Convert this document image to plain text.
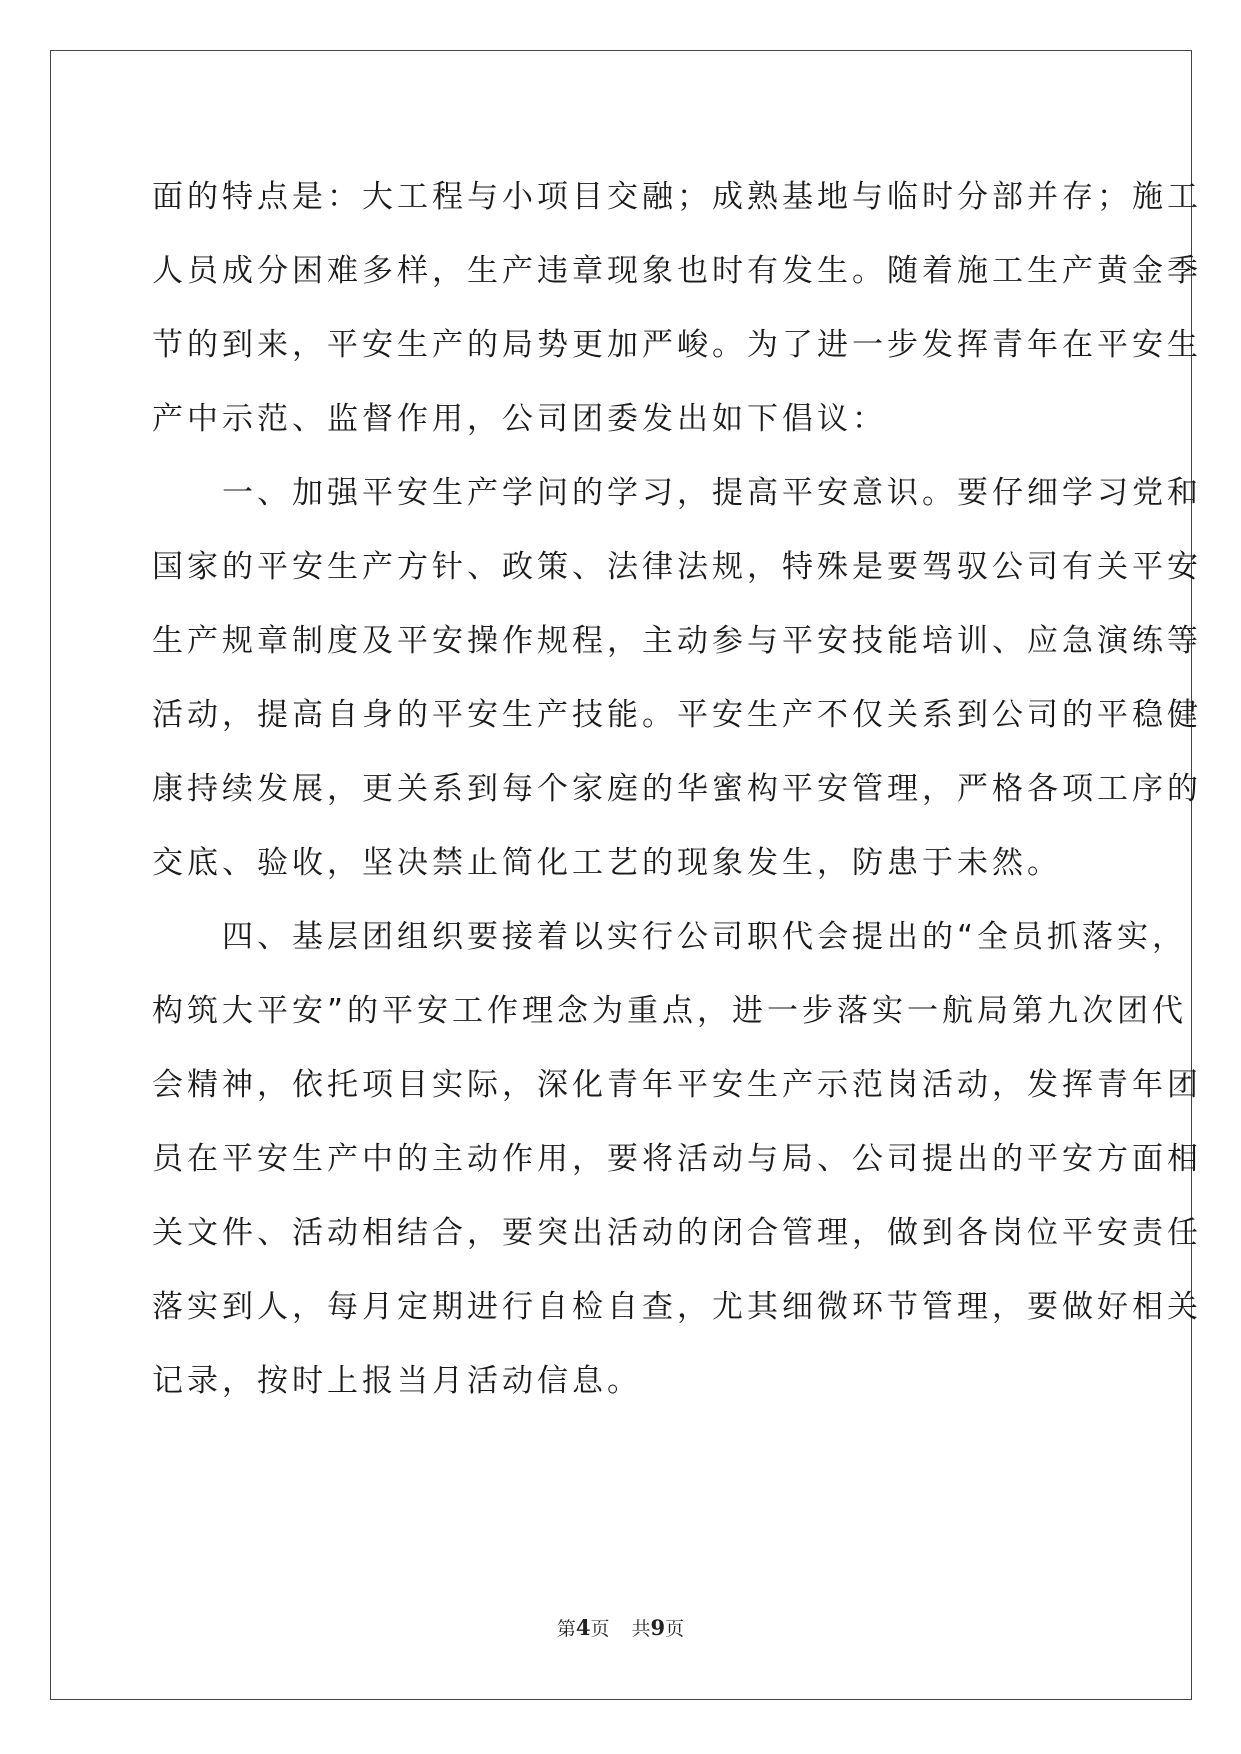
面的特点是：大工程与小项目交融；成熟基地与临时分部并存；施工

人员成分困难多样，生产违章现象也时有发生。随着施工生产黄金季

节的到来，平安生产的局势更加严峻。为了进一步发挥青年在平安生

产中示范、监督作用，公司团委发出如下倡议：

一、加强平安生产学问的学习，提高平安意识。要仔细学习党和

国家的平安生产方针、政策、法律法规，特殊是要驾驭公司有关平安

生产规章制度及平安操作规程，主动参与平安技能培训、应急演练等

活动，提高自身的平安生产技能。平安生产不仅关系到公司的平稳健

康持续发展，更关系到每个家庭的华蜜构平安管理，严格各项工序的

交底、验收，坚决禁止简化工艺的现象发生，防患于未然。

四、基层团组织要接着以实行公司职代会提出的“全员抓落实，

构筑大平安”的平安工作理念为重点，进一步落实一航局第九次团代

会精神，依托项目实际，深化青年平安生产示范岗活动，发挥青年团

员在平安生产中的主动作用，要将活动与局、公司提出的平安方面相

关文件、活动相结合，要突出活动的闭合管理，做到各岗位平安责任

落实到人，每月定期进行自检自查，尤其细微环节管理，要做好相关

记录，按时上报当月活动信息。

第4页 共9页
